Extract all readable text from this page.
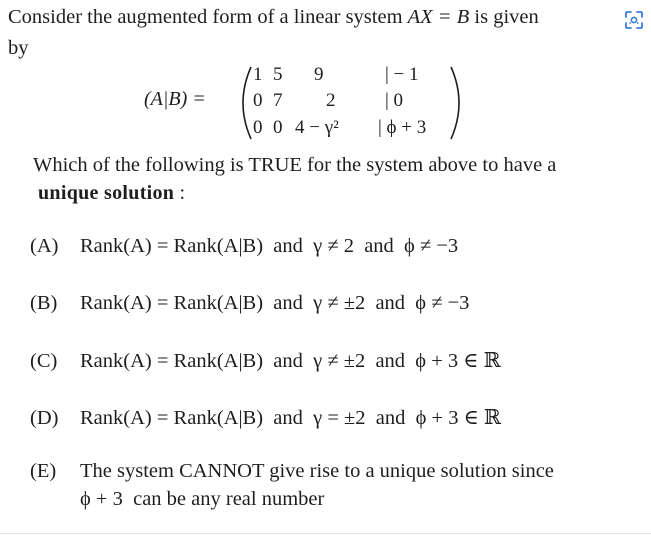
Consider the augmented form of a linear system AX = B is given
by
(A|B) =
1 5 9	| − 1
0 7 2	| 0
0 0 4 − γ² | ϕ + 3
Which of the following is TRUE for the system above to have a
unique solution :
(A) Rank(A) = Rank(A|B)  and  γ ≠ 2  and  ϕ ≠ −3
(B) Rank(A) = Rank(A|B)  and  γ ≠ ±2  and  ϕ ≠ −3
(C) Rank(A) = Rank(A|B)  and  γ ≠ ±2  and  ϕ + 3 ∈ ℝ
(D) Rank(A) = Rank(A|B)  and  γ = ±2  and  ϕ + 3 ∈ ℝ
(E) The system CANNOT give rise to a unique solution since
ϕ + 3  can be any real number
